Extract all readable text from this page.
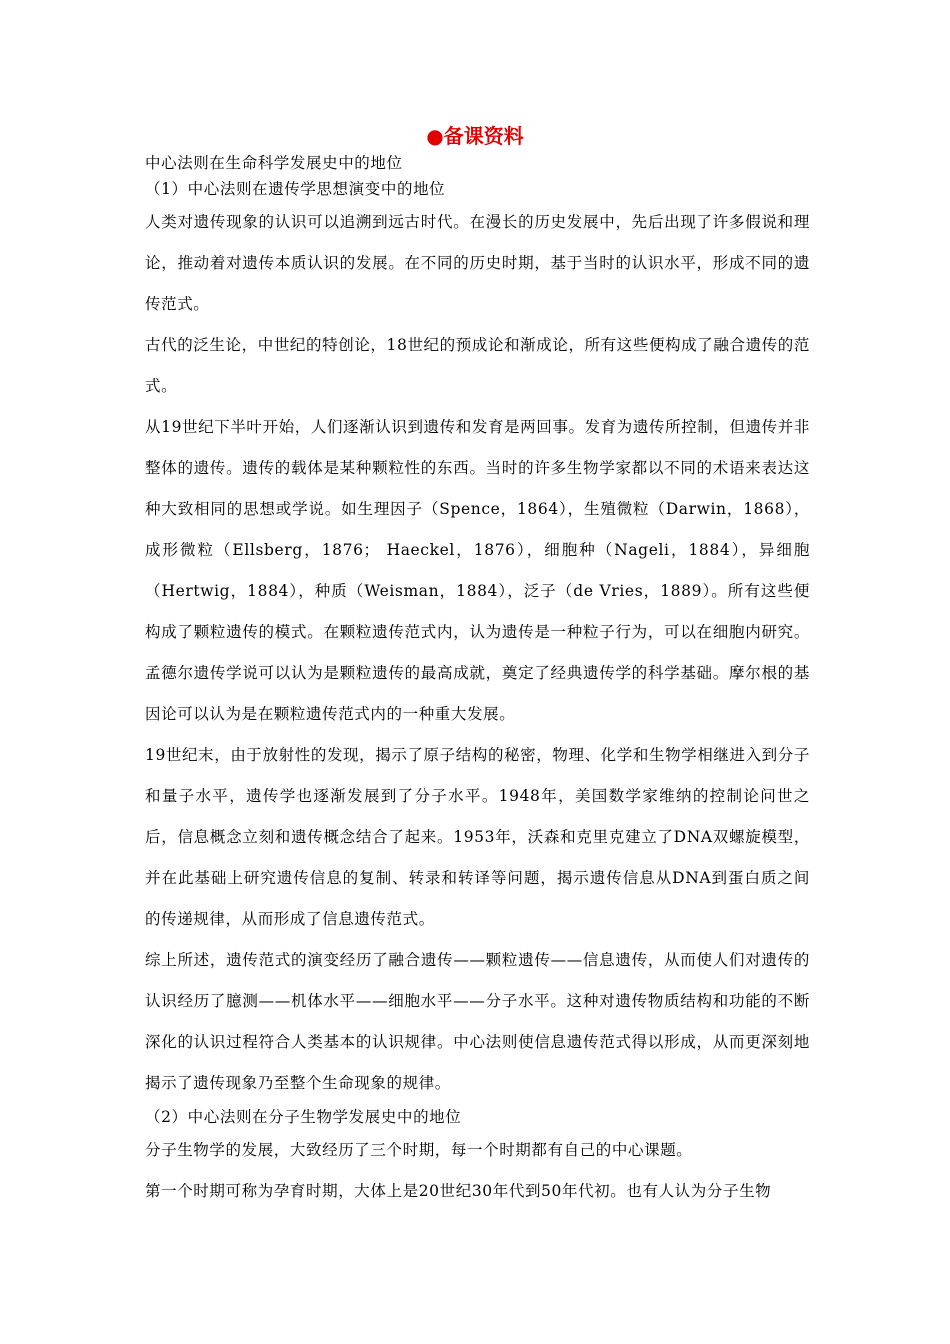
●备课资料

中心法则在生命科学发展史中的地位

（1）中心法则在遗传学思想演变中的地位

人类对遗传现象的认识可以追溯到远古时代。在漫长的历史发展中，先后出现了许多假说和理论，推动着对遗传本质认识的发展。在不同的历史时期，基于当时的认识水平，形成不同的遗传范式。

古代的泛生论，中世纪的特创论，18世纪的预成论和渐成论，所有这些便构成了融合遗传的范式。

从19世纪下半叶开始，人们逐渐认识到遗传和发育是两回事。发育为遗传所控制，但遗传并非整体的遗传。遗传的载体是某种颗粒性的东西。当时的许多生物学家都以不同的术语来表达这种大致相同的思想或学说。如生理因子（Spence，1864），生殖微粒（Darwin，1868），成形微粒（Ellsberg，1876； Haeckel，1876），细胞种（Nageli，1884），异细胞（Hertwig，1884），种质（Weisman，1884），泛子（de Vries，1889）。所有这些便构成了颗粒遗传的模式。在颗粒遗传范式内，认为遗传是一种粒子行为，可以在细胞内研究。孟德尔遗传学说可以认为是颗粒遗传的最高成就，奠定了经典遗传学的科学基础。摩尔根的基因论可以认为是在颗粒遗传范式内的一种重大发展。

19世纪末，由于放射性的发现，揭示了原子结构的秘密，物理、化学和生物学相继进入到分子和量子水平，遗传学也逐渐发展到了分子水平。1948年，美国数学家维纳的控制论问世之后，信息概念立刻和遗传概念结合了起来。1953年，沃森和克里克建立了DNA双螺旋模型，并在此基础上研究遗传信息的复制、转录和转译等问题，揭示遗传信息从DNA到蛋白质之间的传递规律，从而形成了信息遗传范式。

综上所述，遗传范式的演变经历了融合遗传——颗粒遗传——信息遗传，从而使人们对遗传的认识经历了臆测——机体水平——细胞水平——分子水平。这种对遗传物质结构和功能的不断深化的认识过程符合人类基本的认识规律。中心法则使信息遗传范式得以形成，从而更深刻地揭示了遗传现象乃至整个生命现象的规律。

（2）中心法则在分子生物学发展史中的地位

分子生物学的发展，大致经历了三个时期，每一个时期都有自己的中心课题。

第一个时期可称为孕育时期，大体上是20世纪30年代到50年代初。也有人认为分子生物
